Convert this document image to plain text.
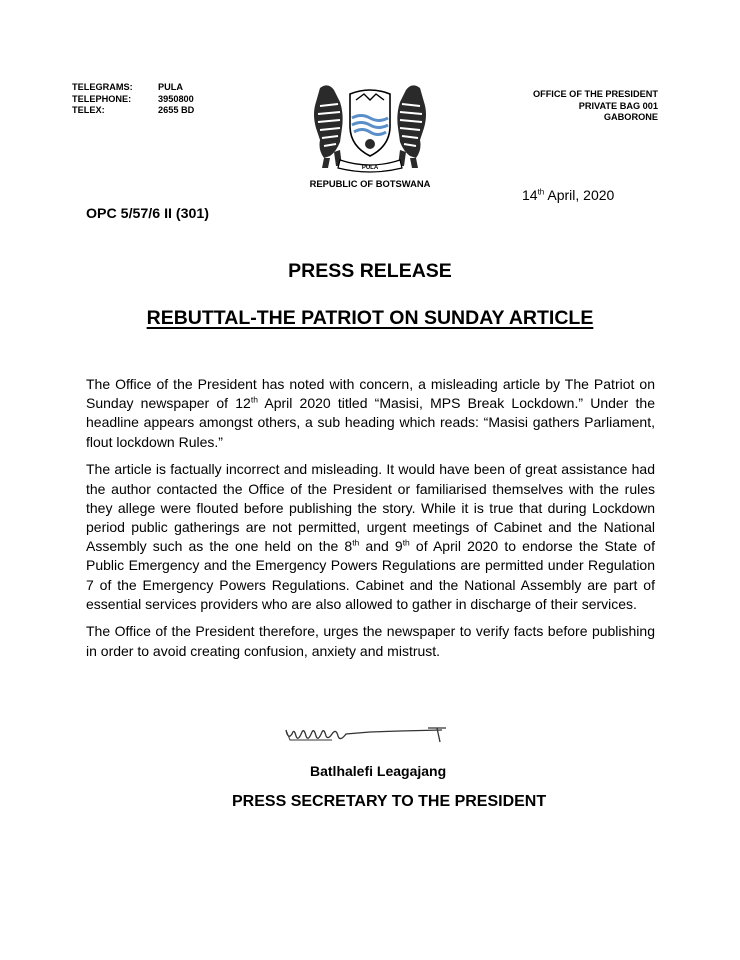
TELEGRAMS:	PULA
TELEPHONE:	3950800
TELEX:	2655 BD
OFFICE OF THE PRESIDENT
PRIVATE BAG 001
GABORONE
PULA
REPUBLIC OF BOTSWANA
14th April, 2020
OPC 5/57/6 II (301)
PRESS RELEASE
REBUTTAL-THE PATRIOT ON SUNDAY ARTICLE

The Office of the President has noted with concern, a misleading article by The Patriot on Sunday newspaper of 12th April 2020 titled “Masisi, MPS Break Lockdown.” Under the headline appears amongst others, a sub heading which reads: “Masisi gathers Parliament, flout lockdown Rules.”

The article is factually incorrect and misleading. It would have been of great assistance had the author contacted the Office of the President or familiarised themselves with the rules they allege were flouted before publishing the story. While it is true that during Lockdown period public gatherings are not permitted, urgent meetings of Cabinet and the National Assembly such as the one held on the 8th and 9th of April 2020 to endorse the State of Public Emergency and the Emergency Powers Regulations are permitted under Regulation 7 of the Emergency Powers Regulations. Cabinet and the National Assembly are part of essential services providers who are also allowed to gather in discharge of their services.

The Office of the President therefore, urges the newspaper to verify facts before publishing in order to avoid creating confusion, anxiety and mistrust.

Batlhalefi Leagajang
PRESS SECRETARY TO THE PRESIDENT
